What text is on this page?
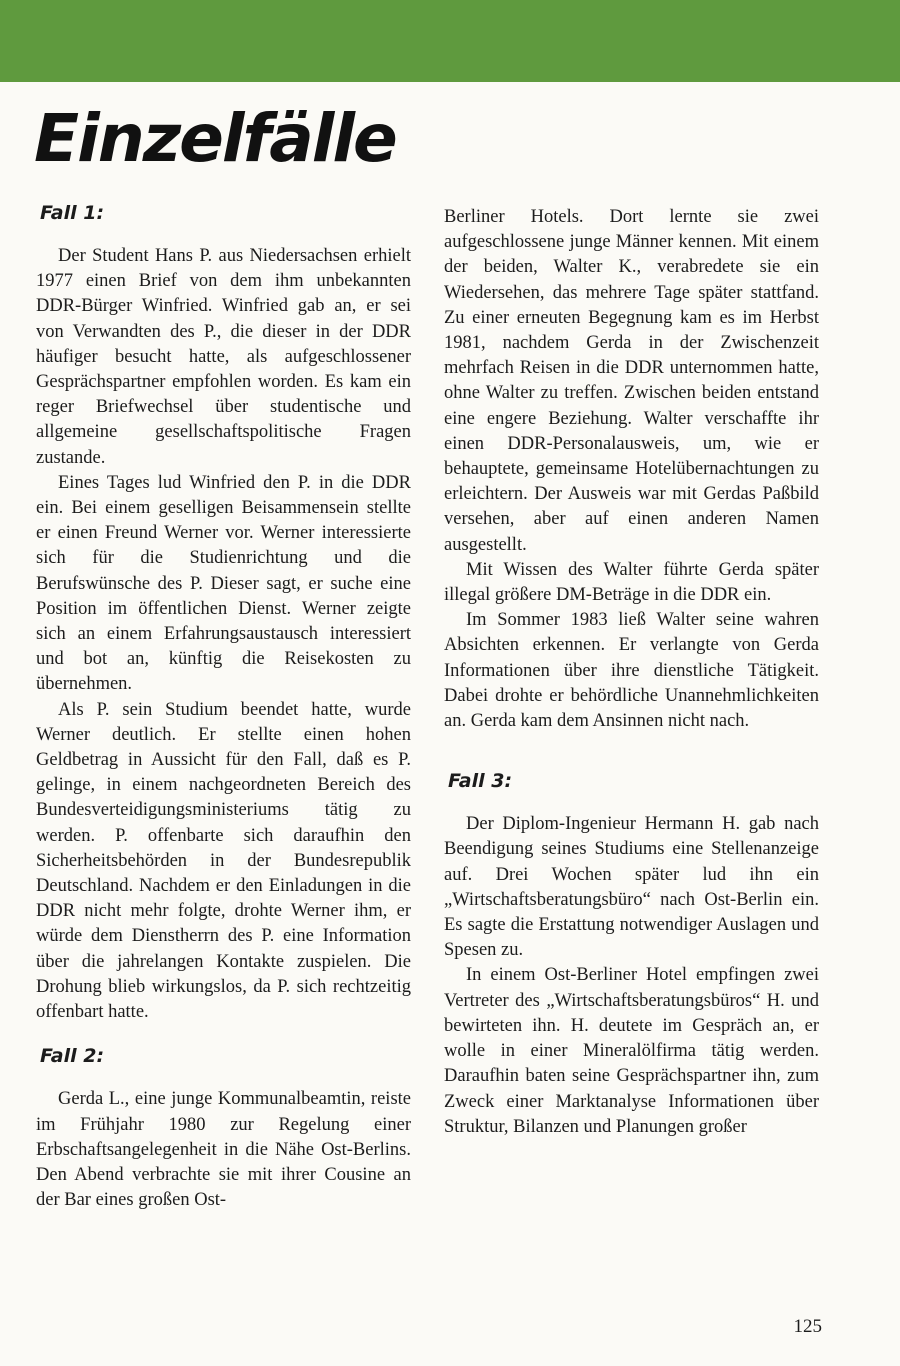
Einzelfälle
Fall 1:

Der Student Hans P. aus Niedersachsen erhielt 1977 einen Brief von dem ihm unbekannten DDR-Bürger Winfried. Winfried gab an, er sei von Verwandten des P., die dieser in der DDR häufiger besucht hatte, als aufgeschlossener Gesprächspartner empfohlen worden. Es kam ein reger Briefwechsel über studentische und allgemeine gesellschaftspolitische Fragen zustande.

Eines Tages lud Winfried den P. in die DDR ein. Bei einem geselligen Beisammensein stellte er einen Freund Werner vor. Werner interessierte sich für die Studienrichtung und die Berufswünsche des P. Dieser sagt, er suche eine Position im öffentlichen Dienst. Werner zeigte sich an einem Erfahrungsaustausch interessiert und bot an, künftig die Reisekosten zu übernehmen.

Als P. sein Studium beendet hatte, wurde Werner deutlich. Er stellte einen hohen Geldbetrag in Aussicht für den Fall, daß es P. gelinge, in einem nachgeordneten Bereich des Bundesverteidigungsministeriums tätig zu werden. P. offenbarte sich daraufhin den Sicherheitsbehörden in der Bundesrepublik Deutschland. Nachdem er den Einladungen in die DDR nicht mehr folgte, drohte Werner ihm, er würde dem Dienstherrn des P. eine Information über die jahrelangen Kontakte zuspielen. Die Drohung blieb wirkungslos, da P. sich rechtzeitig offenbart hatte.

Fall 2:

Gerda L., eine junge Kommunalbeamtin, reiste im Frühjahr 1980 zur Regelung einer Erbschaftsangelegenheit in die Nähe Ost-Berlins. Den Abend verbrachte sie mit ihrer Cousine an der Bar eines großen Ost-

Berliner Hotels. Dort lernte sie zwei aufgeschlossene junge Männer kennen. Mit einem der beiden, Walter K., verabredete sie ein Wiedersehen, das mehrere Tage später stattfand. Zu einer erneuten Begegnung kam es im Herbst 1981, nachdem Gerda in der Zwischenzeit mehrfach Reisen in die DDR unternommen hatte, ohne Walter zu treffen. Zwischen beiden entstand eine engere Beziehung. Walter verschaffte ihr einen DDR-Personalausweis, um, wie er behauptete, gemeinsame Hotelübernachtungen zu erleichtern. Der Ausweis war mit Gerdas Paßbild versehen, aber auf einen anderen Namen ausgestellt.

Mit Wissen des Walter führte Gerda später illegal größere DM-Beträge in die DDR ein.

Im Sommer 1983 ließ Walter seine wahren Absichten erkennen. Er verlangte von Gerda Informationen über ihre dienstliche Tätigkeit. Dabei drohte er behördliche Unannehmlichkeiten an. Gerda kam dem Ansinnen nicht nach.

Fall 3:

Der Diplom-Ingenieur Hermann H. gab nach Beendigung seines Studiums eine Stellenanzeige auf. Drei Wochen später lud ihn ein „Wirtschaftsberatungsbüro“ nach Ost-Berlin ein. Es sagte die Erstattung notwendiger Auslagen und Spesen zu.

In einem Ost-Berliner Hotel empfingen zwei Vertreter des „Wirtschaftsberatungsbüros“ H. und bewirteten ihn. H. deutete im Gespräch an, er wolle in einer Mineralölfirma tätig werden. Daraufhin baten seine Gesprächspartner ihn, zum Zweck einer Marktanalyse Informationen über Struktur, Bilanzen und Planungen großer

125
